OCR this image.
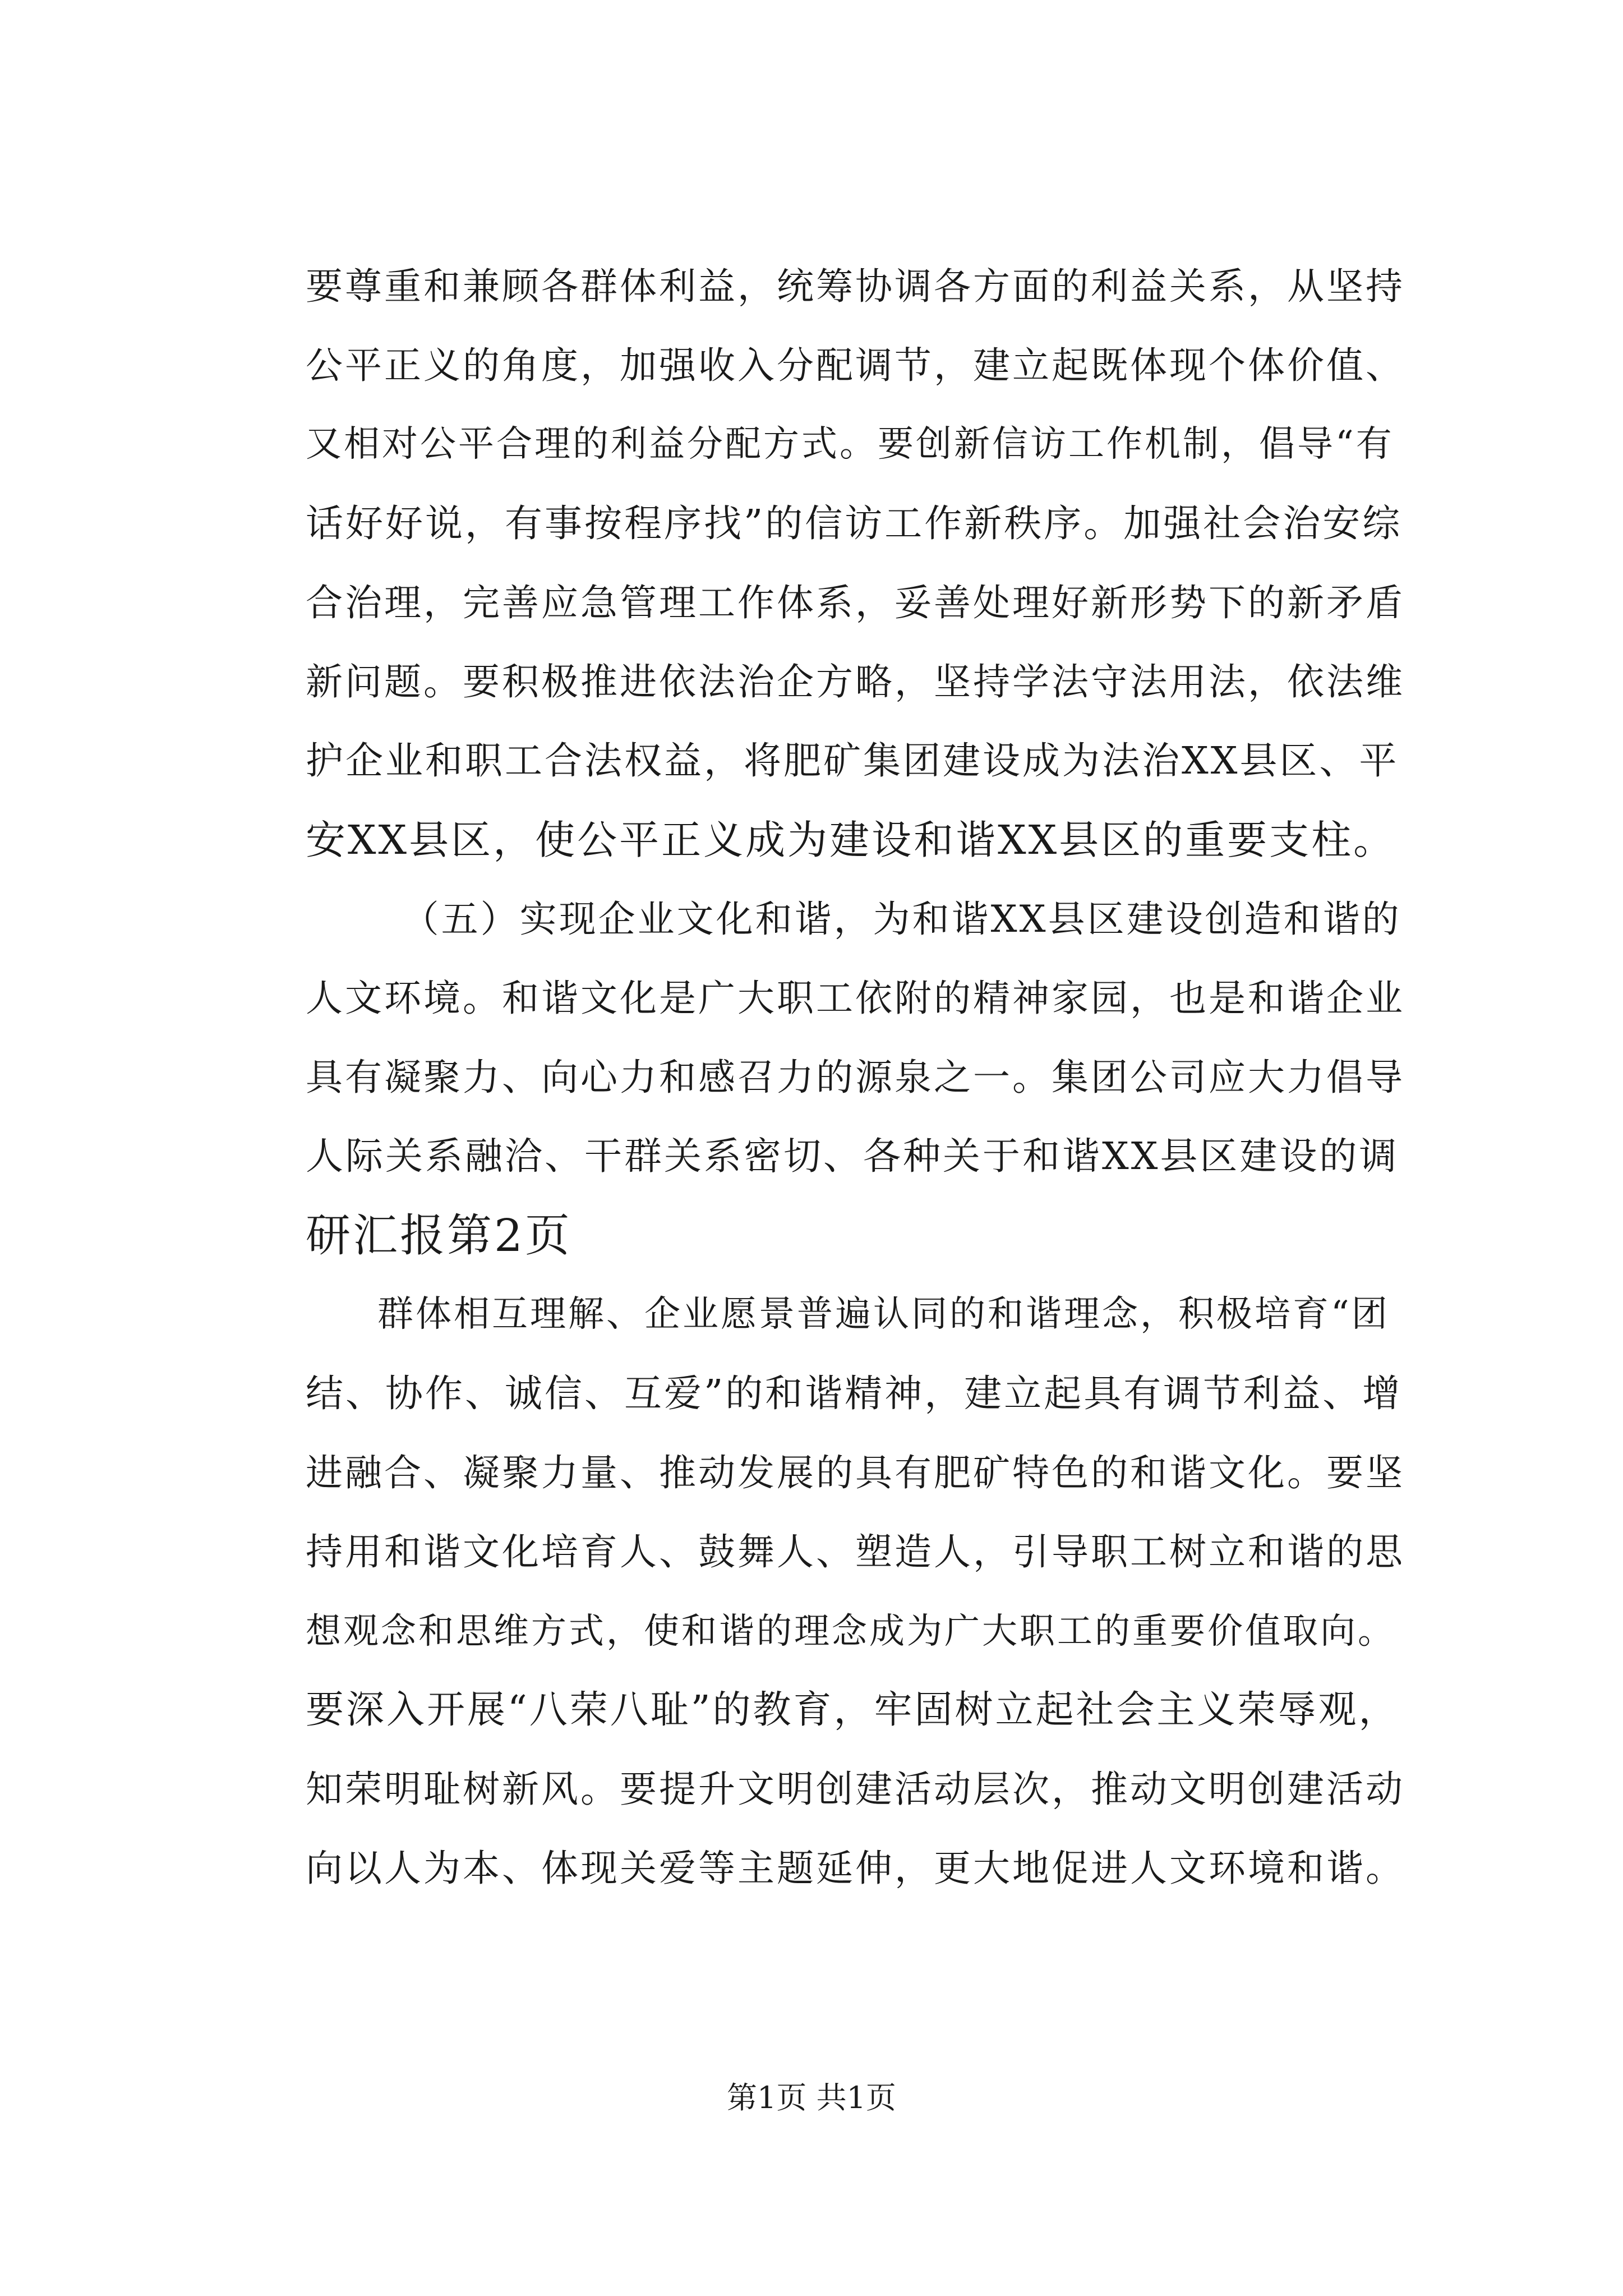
要尊重和兼顾各群体利益，统筹协调各方面的利益关系，从坚持
公平正义的角度，加强收入分配调节，建立起既体现个体价值、
又相对公平合理的利益分配方式。要创新信访工作机制，倡导“有
话好好说，有事按程序找”的信访工作新秩序。加强社会治安综
合治理，完善应急管理工作体系，妥善处理好新形势下的新矛盾
新问题。要积极推进依法治企方略，坚持学法守法用法，依法维
护企业和职工合法权益，将肥矿集团建设成为法治XX县区、平
安XX县区，使公平正义成为建设和谐XX县区的重要支柱。
（五）实现企业文化和谐，为和谐XX县区建设创造和谐的
人文环境。和谐文化是广大职工依附的精神家园，也是和谐企业
具有凝聚力、向心力和感召力的源泉之一。集团公司应大力倡导
人际关系融洽、干群关系密切、各种关于和谐XX县区建设的调
研汇报第2页
群体相互理解、企业愿景普遍认同的和谐理念，积极培育“团
结、协作、诚信、互爱”的和谐精神，建立起具有调节利益、增
进融合、凝聚力量、推动发展的具有肥矿特色的和谐文化。要坚
持用和谐文化培育人、鼓舞人、塑造人，引导职工树立和谐的思
想观念和思维方式，使和谐的理念成为广大职工的重要价值取向。
要深入开展“八荣八耻”的教育，牢固树立起社会主义荣辱观，
知荣明耻树新风。要提升文明创建活动层次，推动文明创建活动
向以人为本、体现关爱等主题延伸，更大地促进人文环境和谐。
第1页 共1页
